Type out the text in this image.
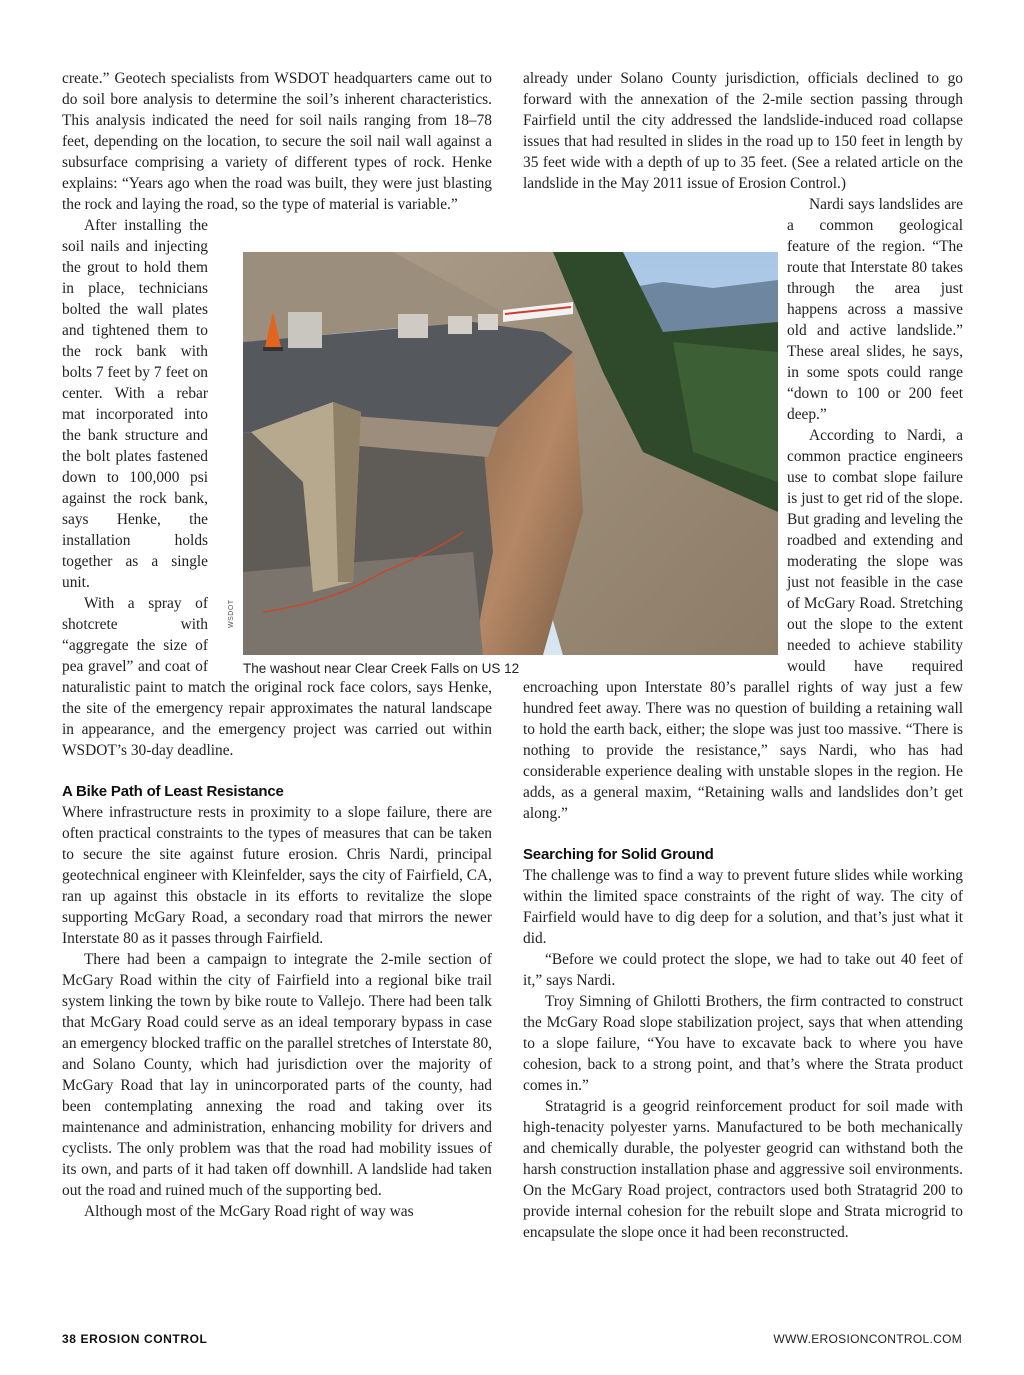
create.” Geotech specialists from WSDOT headquarters came out to do soil bore analysis to determine the soil’s inherent characteristics. This analysis indicated the need for soil nails ranging from 18–78 feet, depending on the location, to secure the soil nail wall against a subsurface comprising a variety of different types of rock. Henke explains: “Years ago when the road was built, they were just blasting the rock and laying the road, so the type of material is variable.”

After installing the soil nails and injecting the grout to hold them in place, technicians bolted the wall plates and tightened them to the rock bank with bolts 7 feet by 7 feet on center. With a rebar mat incorporated into the bank structure and the bolt plates fastened down to 100,000 psi against the rock bank, says Henke, the installation holds together as a single unit.

With a spray of shotcrete with “aggregate the size of pea gravel” and coat of naturalistic paint to match the original rock face colors, says Henke, the site of the emergency repair approximates the natural landscape in appearance, and the emergency project was carried out within WSDOT’s 30-day deadline.

A Bike Path of Least Resistance

Where infrastructure rests in proximity to a slope failure, there are often practical constraints to the types of measures that can be taken to secure the site against future erosion. Chris Nardi, principal geotechnical engineer with Kleinfelder, says the city of Fairfield, CA, ran up against this obstacle in its efforts to revitalize the slope supporting McGary Road, a secondary road that mirrors the newer Interstate 80 as it passes through Fairfield.

There had been a campaign to integrate the 2-mile section of McGary Road within the city of Fairfield into a regional bike trail system linking the town by bike route to Vallejo. There had been talk that McGary Road could serve as an ideal temporary bypass in case an emergency blocked traffic on the parallel stretches of Interstate 80, and Solano County, which had jurisdiction over the majority of McGary Road that lay in unincorporated parts of the county, had been contemplating annexing the road and taking over its maintenance and administration, enhancing mobility for drivers and cyclists. The only problem was that the road had mobility issues of its own, and parts of it had taken off downhill. A landslide had taken out the road and ruined much of the supporting bed.

Although most of the McGary Road right of way was

already under Solano County jurisdiction, officials declined to go forward with the annexation of the 2-mile section passing through Fairfield until the city addressed the landslide-induced road collapse issues that had resulted in slides in the road up to 150 feet in length by 35 feet wide with a depth of up to 35 feet. (See a related article on the landslide in the May 2011 issue of Erosion Control.)

Nardi says landslides are a common geological feature of the region. “The route that Interstate 80 takes through the area just happens across a massive old and active landslide.” These areal slides, he says, in some spots could range “down to 100 or 200 feet deep.”

According to Nardi, a common practice engineers use to combat slope failure is just to get rid of the slope. But grading and leveling the roadbed and extending and moderating the slope was just not feasible in the case of McGary Road. Stretching out the slope to the extent needed to achieve stability would have required encroaching upon Interstate 80’s parallel rights of way just a few hundred feet away. There was no question of building a retaining wall to hold the earth back, either; the slope was just too massive. “There is nothing to provide the resistance,” says Nardi, who has had considerable experience dealing with unstable slopes in the region. He adds, as a general maxim, “Retaining walls and landslides don’t get along.”

Searching for Solid Ground

The challenge was to find a way to prevent future slides while working within the limited space constraints of the right of way. The city of Fairfield would have to dig deep for a solution, and that’s just what it did.

“Before we could protect the slope, we had to take out 40 feet of it,” says Nardi.

Troy Simning of Ghilotti Brothers, the firm contracted to construct the McGary Road slope stabilization project, says that when attending to a slope failure, “You have to excavate back to where you have cohesion, back to a strong point, and that’s where the Strata product comes in.”

Stratagrid is a geogrid reinforcement product for soil made with high-tenacity polyester yarns. Manufactured to be both mechanically and chemically durable, the polyester geogrid can withstand both the harsh construction installation phase and aggressive soil environments. On the McGary Road project, contractors used both Stratagrid 200 to provide internal cohesion for the rebuilt slope and Strata microgrid to encapsulate the slope once it had been reconstructed.

WSDOT
The washout near Clear Creek Falls on US 12
38 EROSION CONTROL	WWW.EROSIONCONTROL.COM
